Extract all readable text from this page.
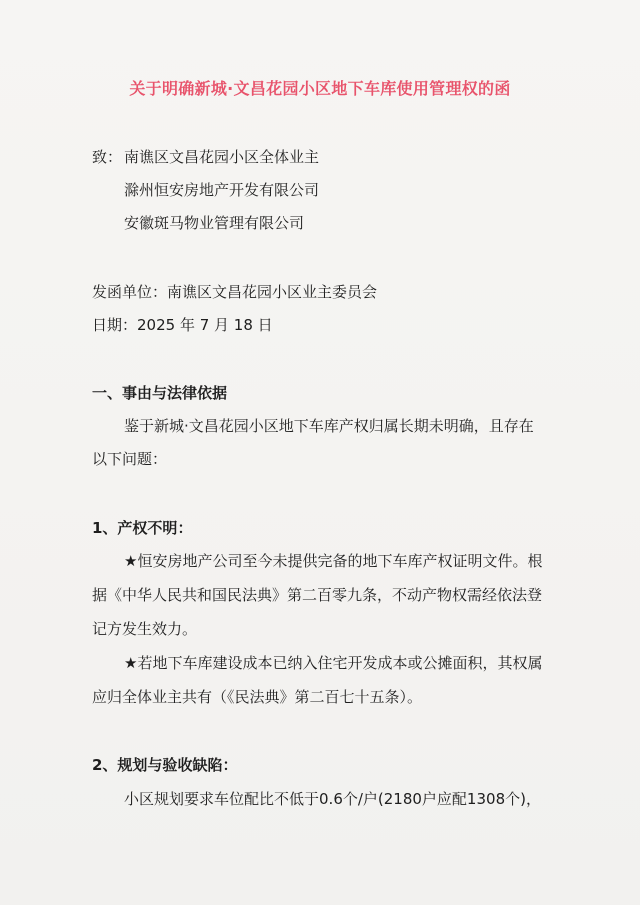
关于明确新城·文昌花园小区地下车库使用管理权的函
致： 南谯区文昌花园小区全体业主
滁州恒安房地产开发有限公司
安徽斑马物业管理有限公司
发函单位：南谯区文昌花园小区业主委员会
日期：2025 年 7 月 18 日
一、事由与法律依据
鉴于新城·文昌花园小区地下车库产权归属长期未明确，且存在
以下问题：
1、产权不明：
★恒安房地产公司至今未提供完备的地下车库产权证明文件。根
据《中华人民共和国民法典》第二百零九条，不动产物权需经依法登
记方发生效力。
★若地下车库建设成本已纳入住宅开发成本或公摊面积，其权属
应归全体业主共有（《民法典》第二百七十五条）。
2、规划与验收缺陷：
小区规划要求车位配比不低于0.6个/户(2180户应配1308个)，
